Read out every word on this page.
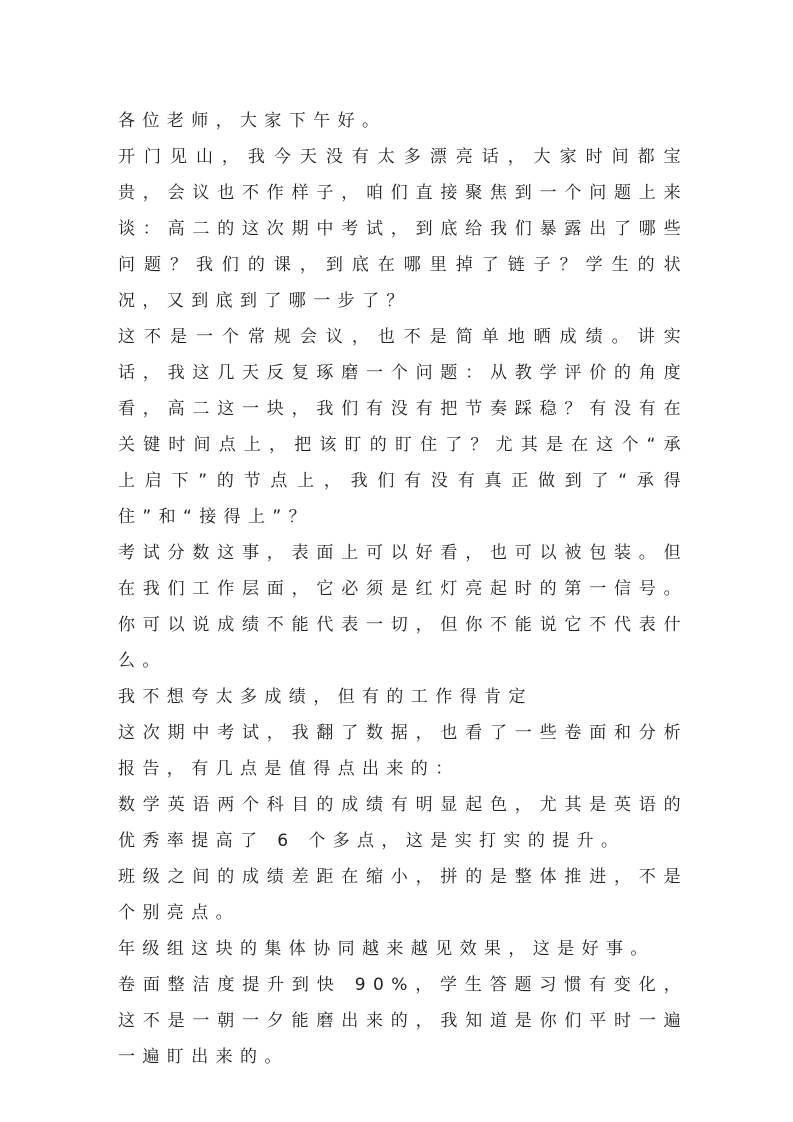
各位老师，大家下午好。

开门见山，我今天没有太多漂亮话，大家时间都宝贵，会议也不作样子，咱们直接聚焦到一个问题上来谈：高二的这次期中考试，到底给我们暴露出了哪些问题？我们的课，到底在哪里掉了链子？学生的状况，又到底到了哪一步了？

这不是一个常规会议，也不是简单地晒成绩。讲实话，我这几天反复琢磨一个问题：从教学评价的角度看，高二这一块，我们有没有把节奏踩稳？有没有在关键时间点上，把该盯的盯住了？尤其是在这个“承上启下”的节点上，我们有没有真正做到了“承得住”和“接得上”？

考试分数这事，表面上可以好看，也可以被包装。但在我们工作层面，它必须是红灯亮起时的第一信号。你可以说成绩不能代表一切，但你不能说它不代表什么。

我不想夸太多成绩，但有的工作得肯定

这次期中考试，我翻了数据，也看了一些卷面和分析报告，有几点是值得点出来的：

数学英语两个科目的成绩有明显起色，尤其是英语的优秀率提高了 6 个多点，这是实打实的提升。

班级之间的成绩差距在缩小，拼的是整体推进，不是个别亮点。

年级组这块的集体协同越来越见效果，这是好事。

卷面整洁度提升到快 90%，学生答题习惯有变化，这不是一朝一夕能磨出来的，我知道是你们平时一遍一遍盯出来的。
